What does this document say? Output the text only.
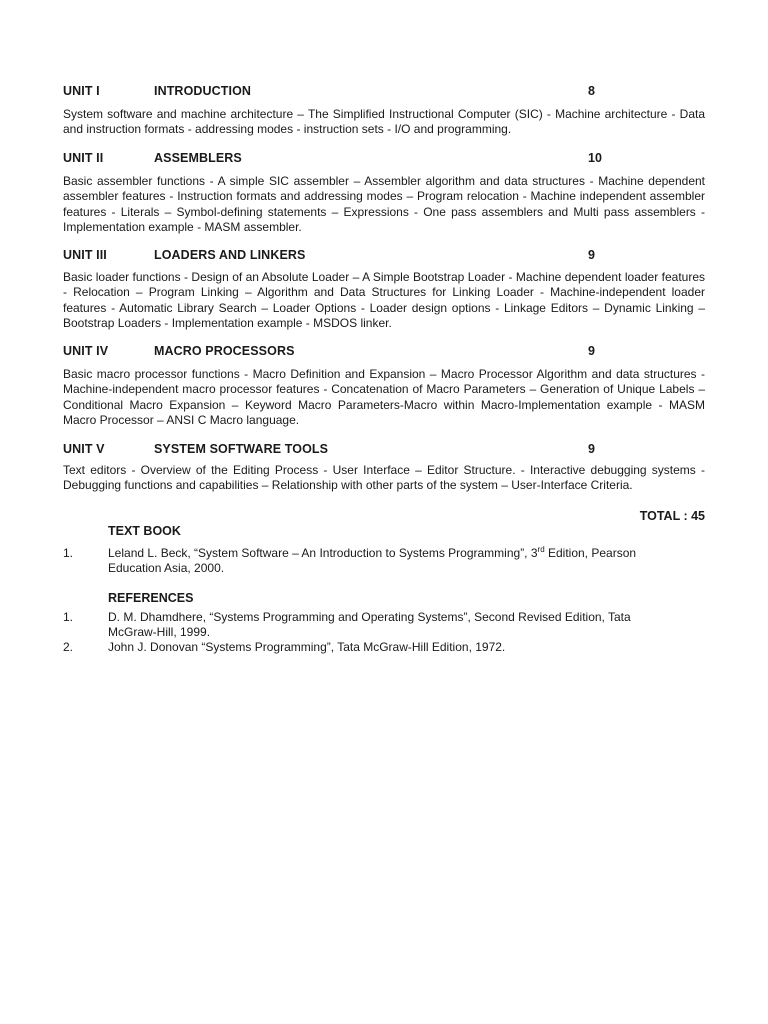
UNIT I	INTRODUCTION	8

System software and machine architecture – The Simplified Instructional Computer (SIC) - Machine architecture - Data and instruction formats - addressing modes - instruction sets - I/O and programming.

UNIT II	ASSEMBLERS	10

Basic assembler functions - A simple SIC assembler – Assembler algorithm and data structures - Machine dependent assembler features - Instruction formats and addressing modes – Program relocation - Machine independent assembler features - Literals – Symbol-defining statements – Expressions - One pass assemblers and Multi pass assemblers - Implementation example - MASM assembler.

UNIT III	LOADERS AND LINKERS	9

Basic loader functions - Design of an Absolute Loader – A Simple Bootstrap Loader - Machine dependent loader features - Relocation – Program Linking – Algorithm and Data Structures for Linking Loader - Machine-independent loader features - Automatic Library Search – Loader Options - Loader design options - Linkage Editors – Dynamic Linking – Bootstrap Loaders - Implementation example - MSDOS linker.

UNIT IV	MACRO PROCESSORS	9

Basic macro processor functions - Macro Definition and Expansion – Macro Processor Algorithm and data structures - Machine-independent macro processor features - Concatenation of Macro Parameters – Generation of Unique Labels – Conditional Macro Expansion – Keyword Macro Parameters-Macro within Macro-Implementation example - MASM Macro Processor – ANSI C Macro language.

UNIT V	SYSTEM SOFTWARE TOOLS	9

Text editors - Overview of the Editing Process - User Interface – Editor Structure. - Interactive debugging systems - Debugging functions and capabilities – Relationship with other parts of the system – User-Interface Criteria.

TOTAL : 45
TEXT BOOK
1.	Leland L. Beck, “System Software – An Introduction to Systems Programming”, 3rd Edition, Pearson Education Asia, 2000.
REFERENCES
1.	D. M. Dhamdhere, “Systems Programming and Operating Systems”, Second Revised Edition, Tata McGraw-Hill, 1999.
2.	John J. Donovan “Systems Programming”, Tata McGraw-Hill Edition, 1972.
